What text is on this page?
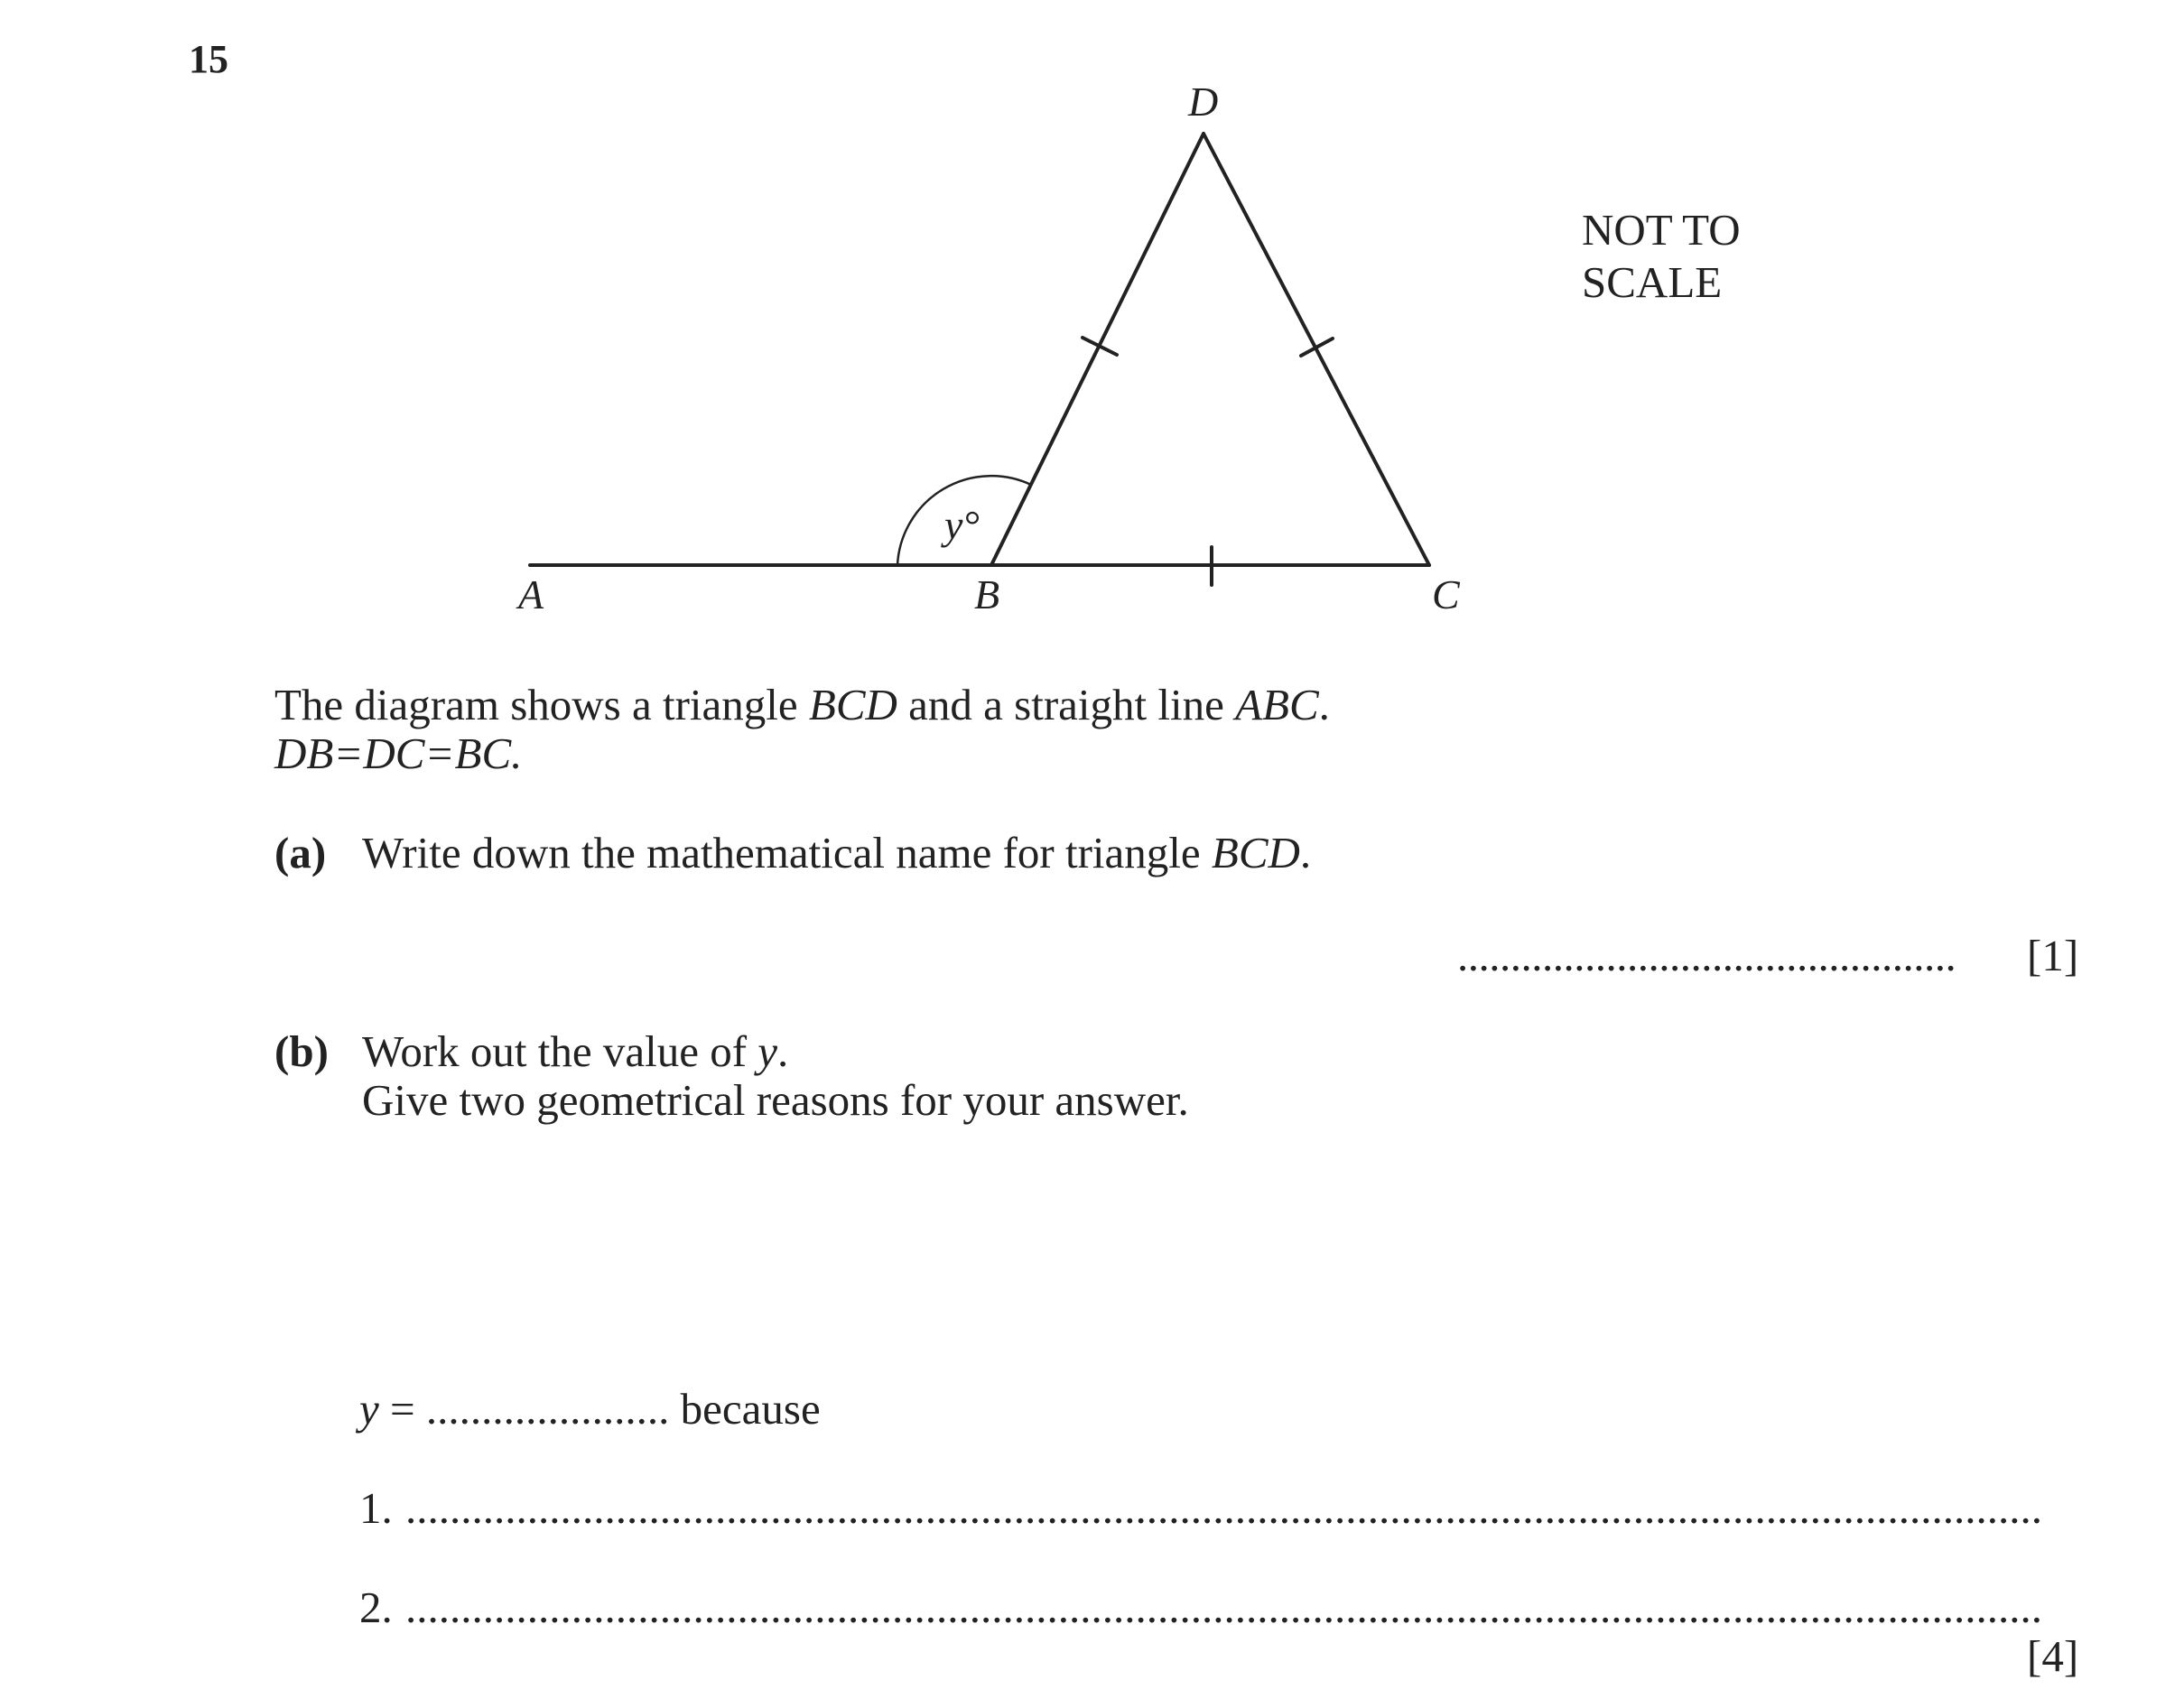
15
D
A	B	C
y°
NOT TO
SCALE
The diagram shows a triangle BCD and a straight line ABC.
DB=DC=BC.
(a) Write down the mathematical name for triangle BCD.
............................................... [1]
(b) Work out the value of y.
Give two geometrical reasons for your answer.
y = ...................... because
1. ....................................................................................................................................................
2. ....................................................................................................................................................
[4]
